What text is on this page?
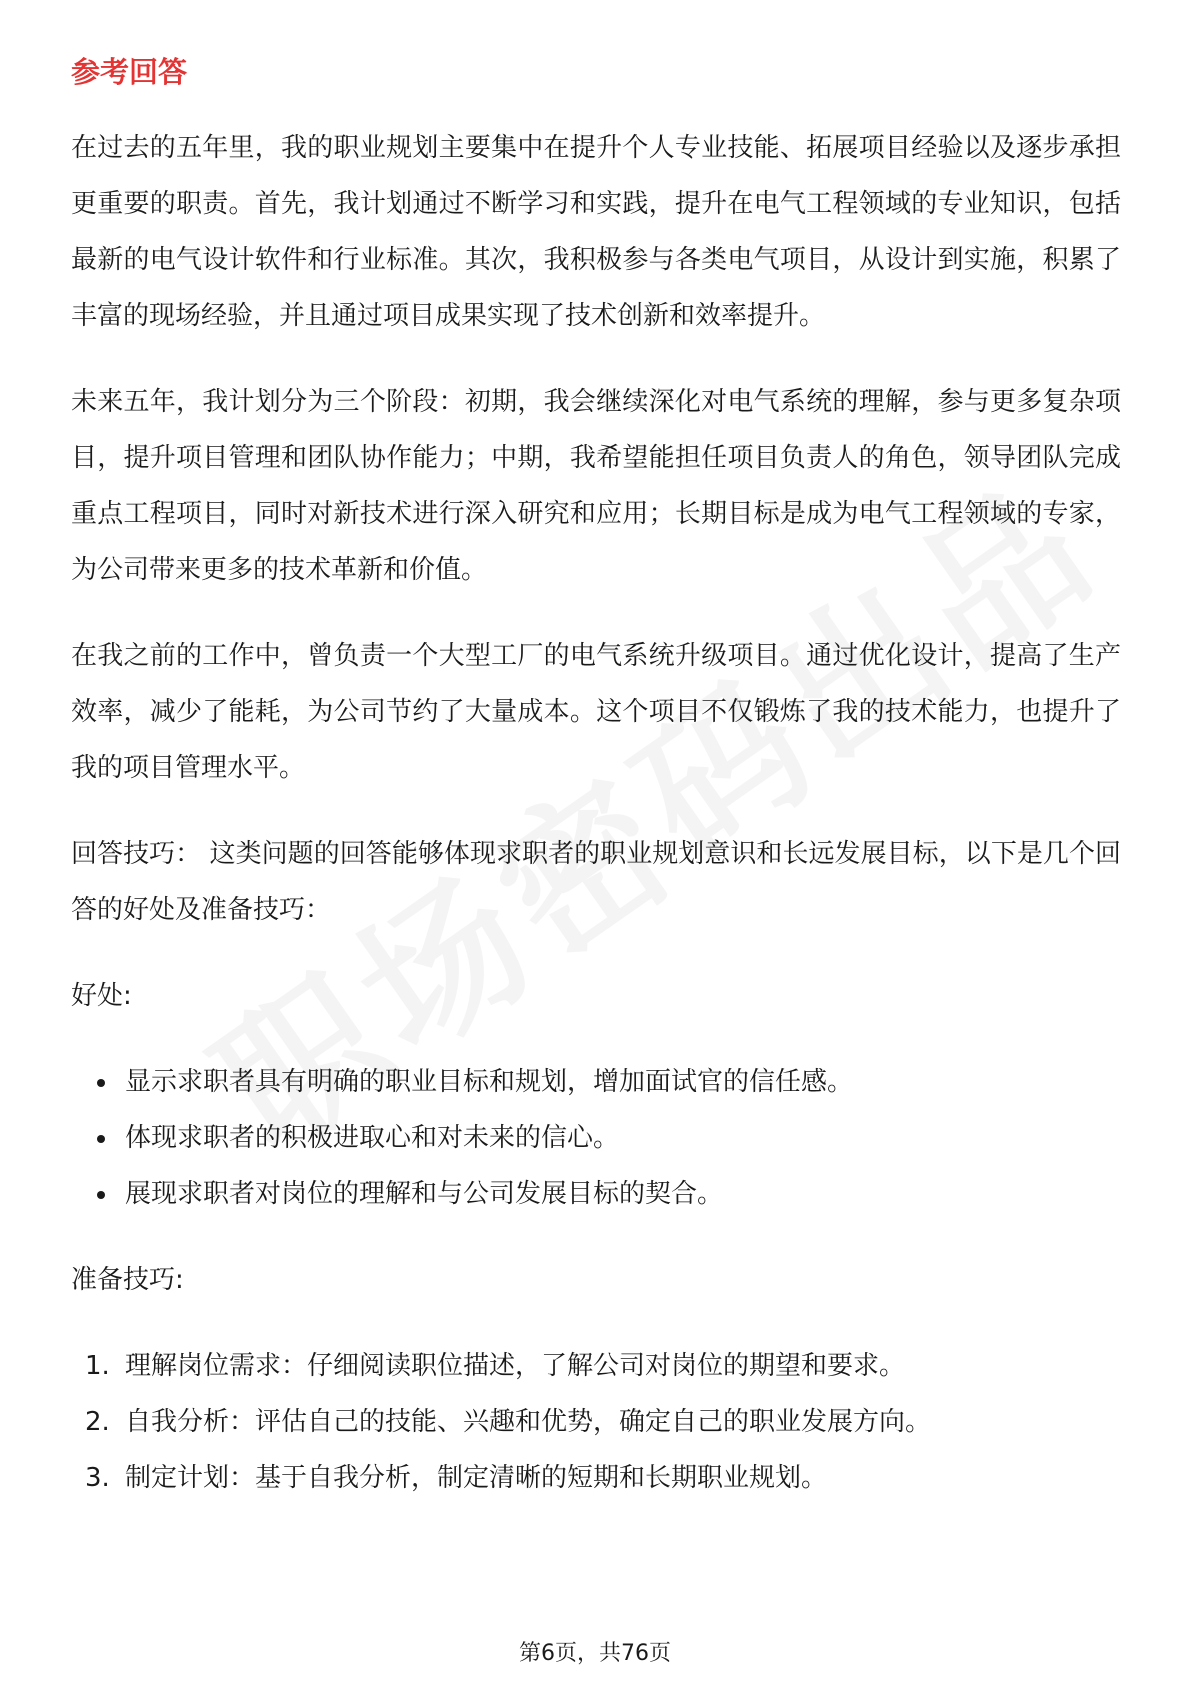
参考回答

在过去的五年里，我的职业规划主要集中在提升个人专业技能、拓展项目经验以及逐步承担更重要的职责。首先，我计划通过不断学习和实践，提升在电气工程领域的专业知识，包括最新的电气设计软件和行业标准。其次，我积极参与各类电气项目，从设计到实施，积累了丰富的现场经验，并且通过项目成果实现了技术创新和效率提升。

未来五年，我计划分为三个阶段：初期，我会继续深化对电气系统的理解，参与更多复杂项目，提升项目管理和团队协作能力；中期，我希望能担任项目负责人的角色，领导团队完成重点工程项目，同时对新技术进行深入研究和应用；长期目标是成为电气工程领域的专家，为公司带来更多的技术革新和价值。

在我之前的工作中，曾负责一个大型工厂的电气系统升级项目。通过优化设计，提高了生产效率，减少了能耗，为公司节约了大量成本。这个项目不仅锻炼了我的技术能力，也提升了我的项目管理水平。

回答技巧： 这类问题的回答能够体现求职者的职业规划意识和长远发展目标，以下是几个回答的好处及准备技巧：

好处:
显示求职者具有明确的职业目标和规划，增加面试官的信任感。
体现求职者的积极进取心和对未来的信心。
展现求职者对岗位的理解和与公司发展目标的契合。
准备技巧:
1. 理解岗位需求：仔细阅读职位描述，了解公司对岗位的期望和要求。
2. 自我分析：评估自己的技能、兴趣和优势，确定自己的职业发展方向。
3. 制定计划：基于自我分析，制定清晰的短期和长期职业规划。
第6页，共76页
